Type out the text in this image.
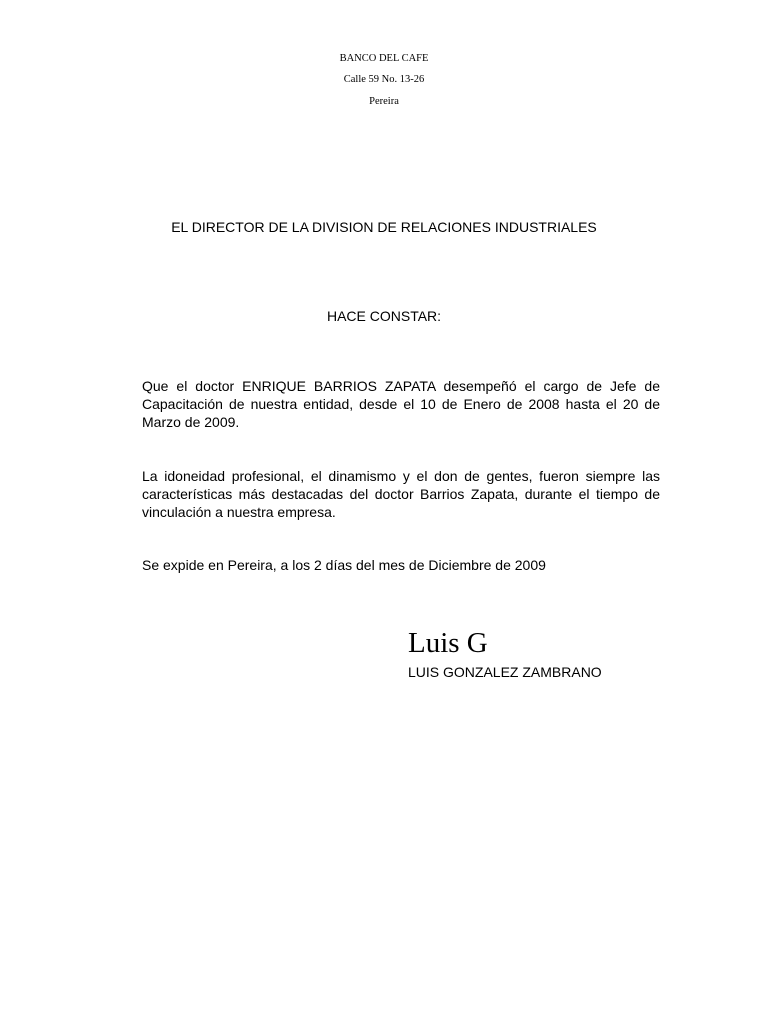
BANCO DEL CAFE
Calle 59 No. 13-26
Pereira
EL DIRECTOR DE LA DIVISION DE RELACIONES INDUSTRIALES
HACE CONSTAR:
Que el doctor ENRIQUE BARRIOS ZAPATA desempeñó el cargo de Jefe de Capacitación de nuestra entidad, desde el 10 de Enero de 2008 hasta el 20 de Marzo de 2009.
La idoneidad profesional, el dinamismo y el don de gentes, fueron siempre las características más destacadas del doctor Barrios Zapata, durante el tiempo de vinculación a nuestra empresa.
Se expide en Pereira, a los 2 días del mes de Diciembre de 2009
Luis G
LUIS GONZALEZ ZAMBRANO
